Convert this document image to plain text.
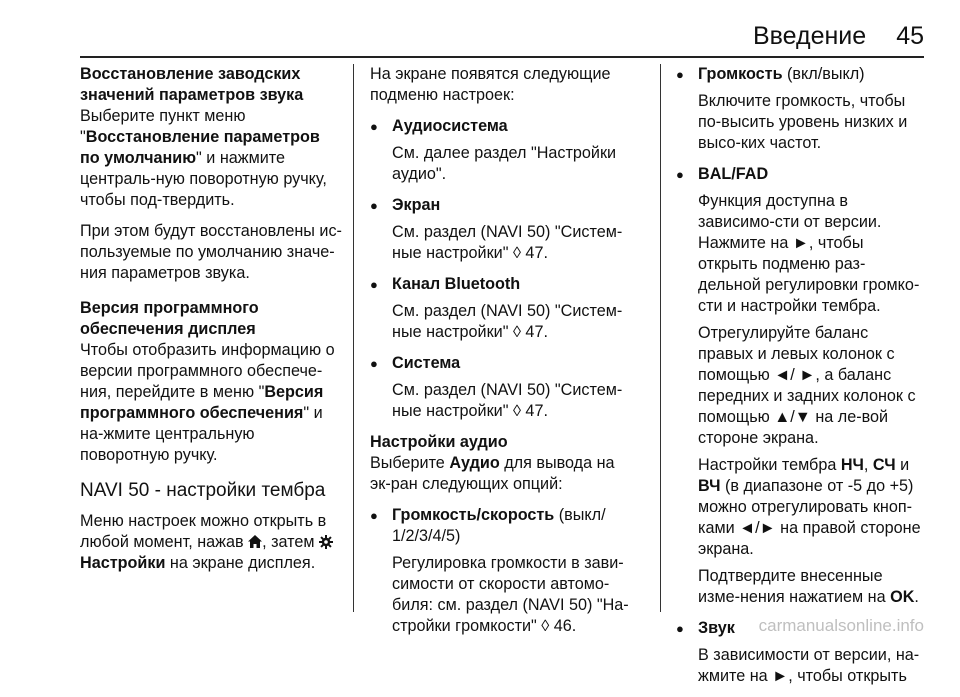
Введение 45

Восстановление заводских значений параметров звука

Выберите пункт меню "Восстановление параметров по умолчанию" и нажмите централь-ную поворотную ручку, чтобы под-твердить.

При этом будут восстановлены ис-пользуемые по умолчанию значе-ния параметров звука.

Версия программного обеспечения дисплея

Чтобы отобразить информацию о версии программного обеспече-ния, перейдите в меню "Версия программного обеспечения" и на-жмите центральную поворотную ручку.

NAVI 50 - настройки тембра

Меню настроек можно открыть в любой момент, нажав , затем Настройки на экране дисплея.

На экране появятся следующие подменю настроек:

● Аудиосистема

См. далее раздел "Настройки аудио".

● Экран

См. раздел (NAVI 50) "Систем-ные настройки" ◊ 47.

● Канал Bluetooth

См. раздел (NAVI 50) "Систем-ные настройки" ◊ 47.

● Система

См. раздел (NAVI 50) "Систем-ные настройки" ◊ 47.

Настройки аудио

Выберите Аудио для вывода на эк-ран следующих опций:

● Громкость/скорость (выкл/ 1/2/3/4/5)

Регулировка громкости в зави-симости от скорости автомо-биля: см. раздел (NAVI 50) "На-стройки громкости" ◊ 46.

● Громкость (вкл/выкл)

Включите громкость, чтобы по-высить уровень низких и высо-ких частот.

● BAL/FAD

Функция доступна в зависимо-сти от версии. Нажмите на ►, чтобы открыть подменю раз-дельной регулировки громко-сти и настройки тембра.

Отрегулируйте баланс правых и левых колонок с помощью ◄/ ►, а баланс передних и задних колонок с помощью ▲/▼ на ле-вой стороне экрана.

Настройки тембра НЧ, СЧ и ВЧ (в диапазоне от -5 до +5) можно отрегулировать кноп-ками ◄/► на правой стороне экрана.

Подтвердите внесенные изме-нения нажатием на OK.

● Звук

В зависимости от версии, на-жмите на ►, чтобы открыть

carmanualsonline.info
